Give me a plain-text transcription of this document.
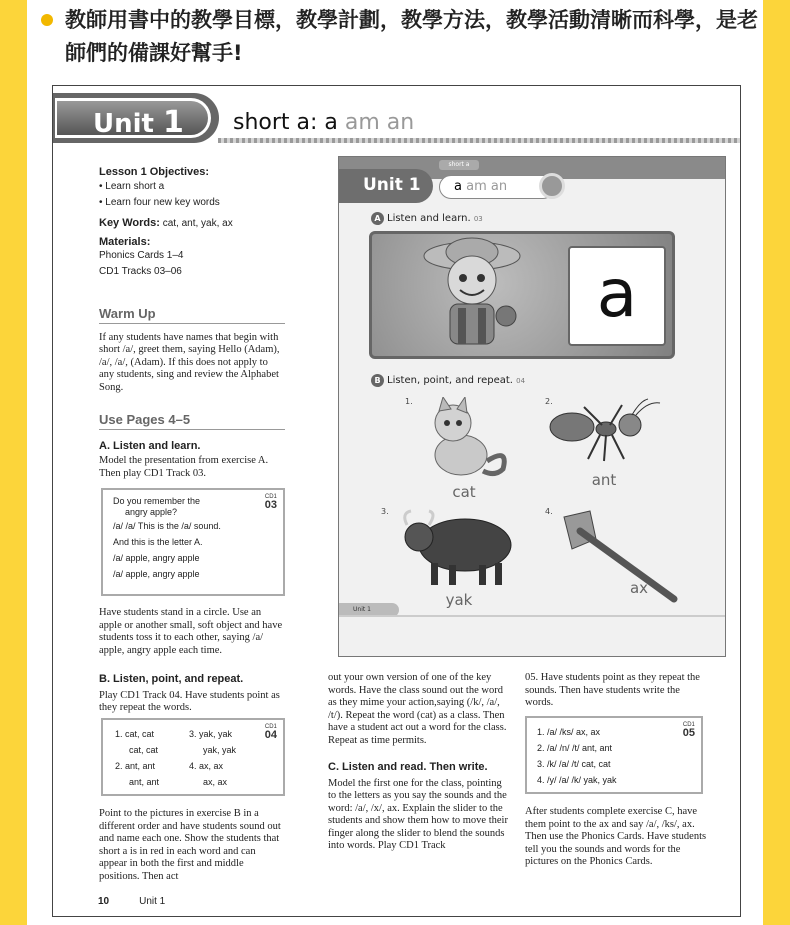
教師用書中的教學目標，教學計劃，教學方法，教學活動清晰而科學，是老師們的備課好幫手!
Unit 1 short a: a am an
Lesson 1 Objectives:
• Learn short a
• Learn four new key words
Key Words: cat, ant, yak, ax
Materials:
Phonics Cards 1–4
CD1 Tracks 03–06
Warm Up
If any students have names that begin with short /a/, greet them, saying Hello (Adam), /a/, /a/, (Adam). If this does not apply to any students, sing and review the Alphabet Song.
Use Pages 4–5
A. Listen and learn.
Model the presentation from exercise A. Then play CD1 Track 03.
CD1
03
Do you remember the
angry apple?
/a/ /a/ This is the /a/ sound.
And this is the letter A.
/a/ apple, angry apple
/a/ apple, angry apple
Have students stand in a circle. Use an apple or another small, soft object and have students toss it to each other, saying /a/ apple, angry apple each time.
B. Listen, point, and repeat.
Play CD1 Track 04. Have students point as they repeat the words.
CD1
04
1. cat, cat
cat, cat
2. ant, ant
ant, ant
3. yak, yak
yak, yak
4. ax, ax
ax, ax
Point to the pictures in exercise B in a different order and have students sound out and name each one. Show the students that short a is in red in each word and can appear in both the first and middle positions. Then act
short a
Unit 1	a am an
A Listen and learn. 03
a
B Listen, point, and repeat. 04
1.
cat
2.
ant
3.
yak
4.
ax
Unit 1
out your own version of one of the key words. Have the class sound out the word as they mime your action,saying (/k/, /a/, /t/). Repeat the word (cat) as a class. Then have a student act out a word for the class. Repeat as time permits.
C. Listen and read. Then write.
Model the first one for the class, pointing to the letters as you say the sounds and the word: /a/, /x/, ax. Explain the slider to the students and show them how to move their finger along the slider to blend the sounds into words. Play CD1 Track
05. Have students point as they repeat the sounds. Then have students write the words.
CD1
05
1. /a/ /ks/ ax, ax
2. /a/ /n/ /t/ ant, ant
3. /k/ /a/ /t/ cat, cat
4. /y/ /a/ /k/ yak, yak
After students complete exercise C, have them point to the ax and say /a/, /ks/, ax. Then use the Phonics Cards. Have students tell you the sounds and words for the pictures on the Phonics Cards.
10	Unit 1
